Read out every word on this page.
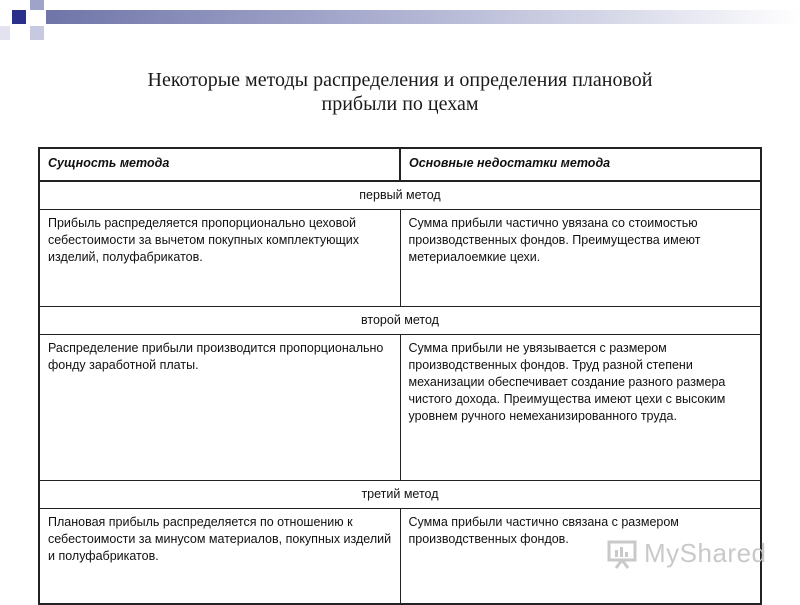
Некоторые методы распределения и определения плановой
прибыли по цехам
Сущность метода	Основные недостатки метода
первый метод	
Прибыль распределяется пропорционально цеховой себестоимости за вычетом покупных комплектующих изделий, полуфабрикатов.	Сумма прибыли частично увязана со стоимостью производственных фондов. Преимущества имеют метериалоемкие цехи.
второй метод	
Распределение прибыли производится пропорционально фонду заработной платы.	Сумма прибыли не увязывается с размером производственных фондов. Труд разной степени механизации обеспечивает создание разного размера чистого дохода. Преимущества имеют цехи с высоким уровнем ручного немеханизированного труда.
третий метод	
Плановая прибыль распределяется по отношению к себестоимости за минусом материалов, покупных изделий и полуфабрикатов.	Сумма прибыли частично связана с размером производственных фондов.	MyShared
